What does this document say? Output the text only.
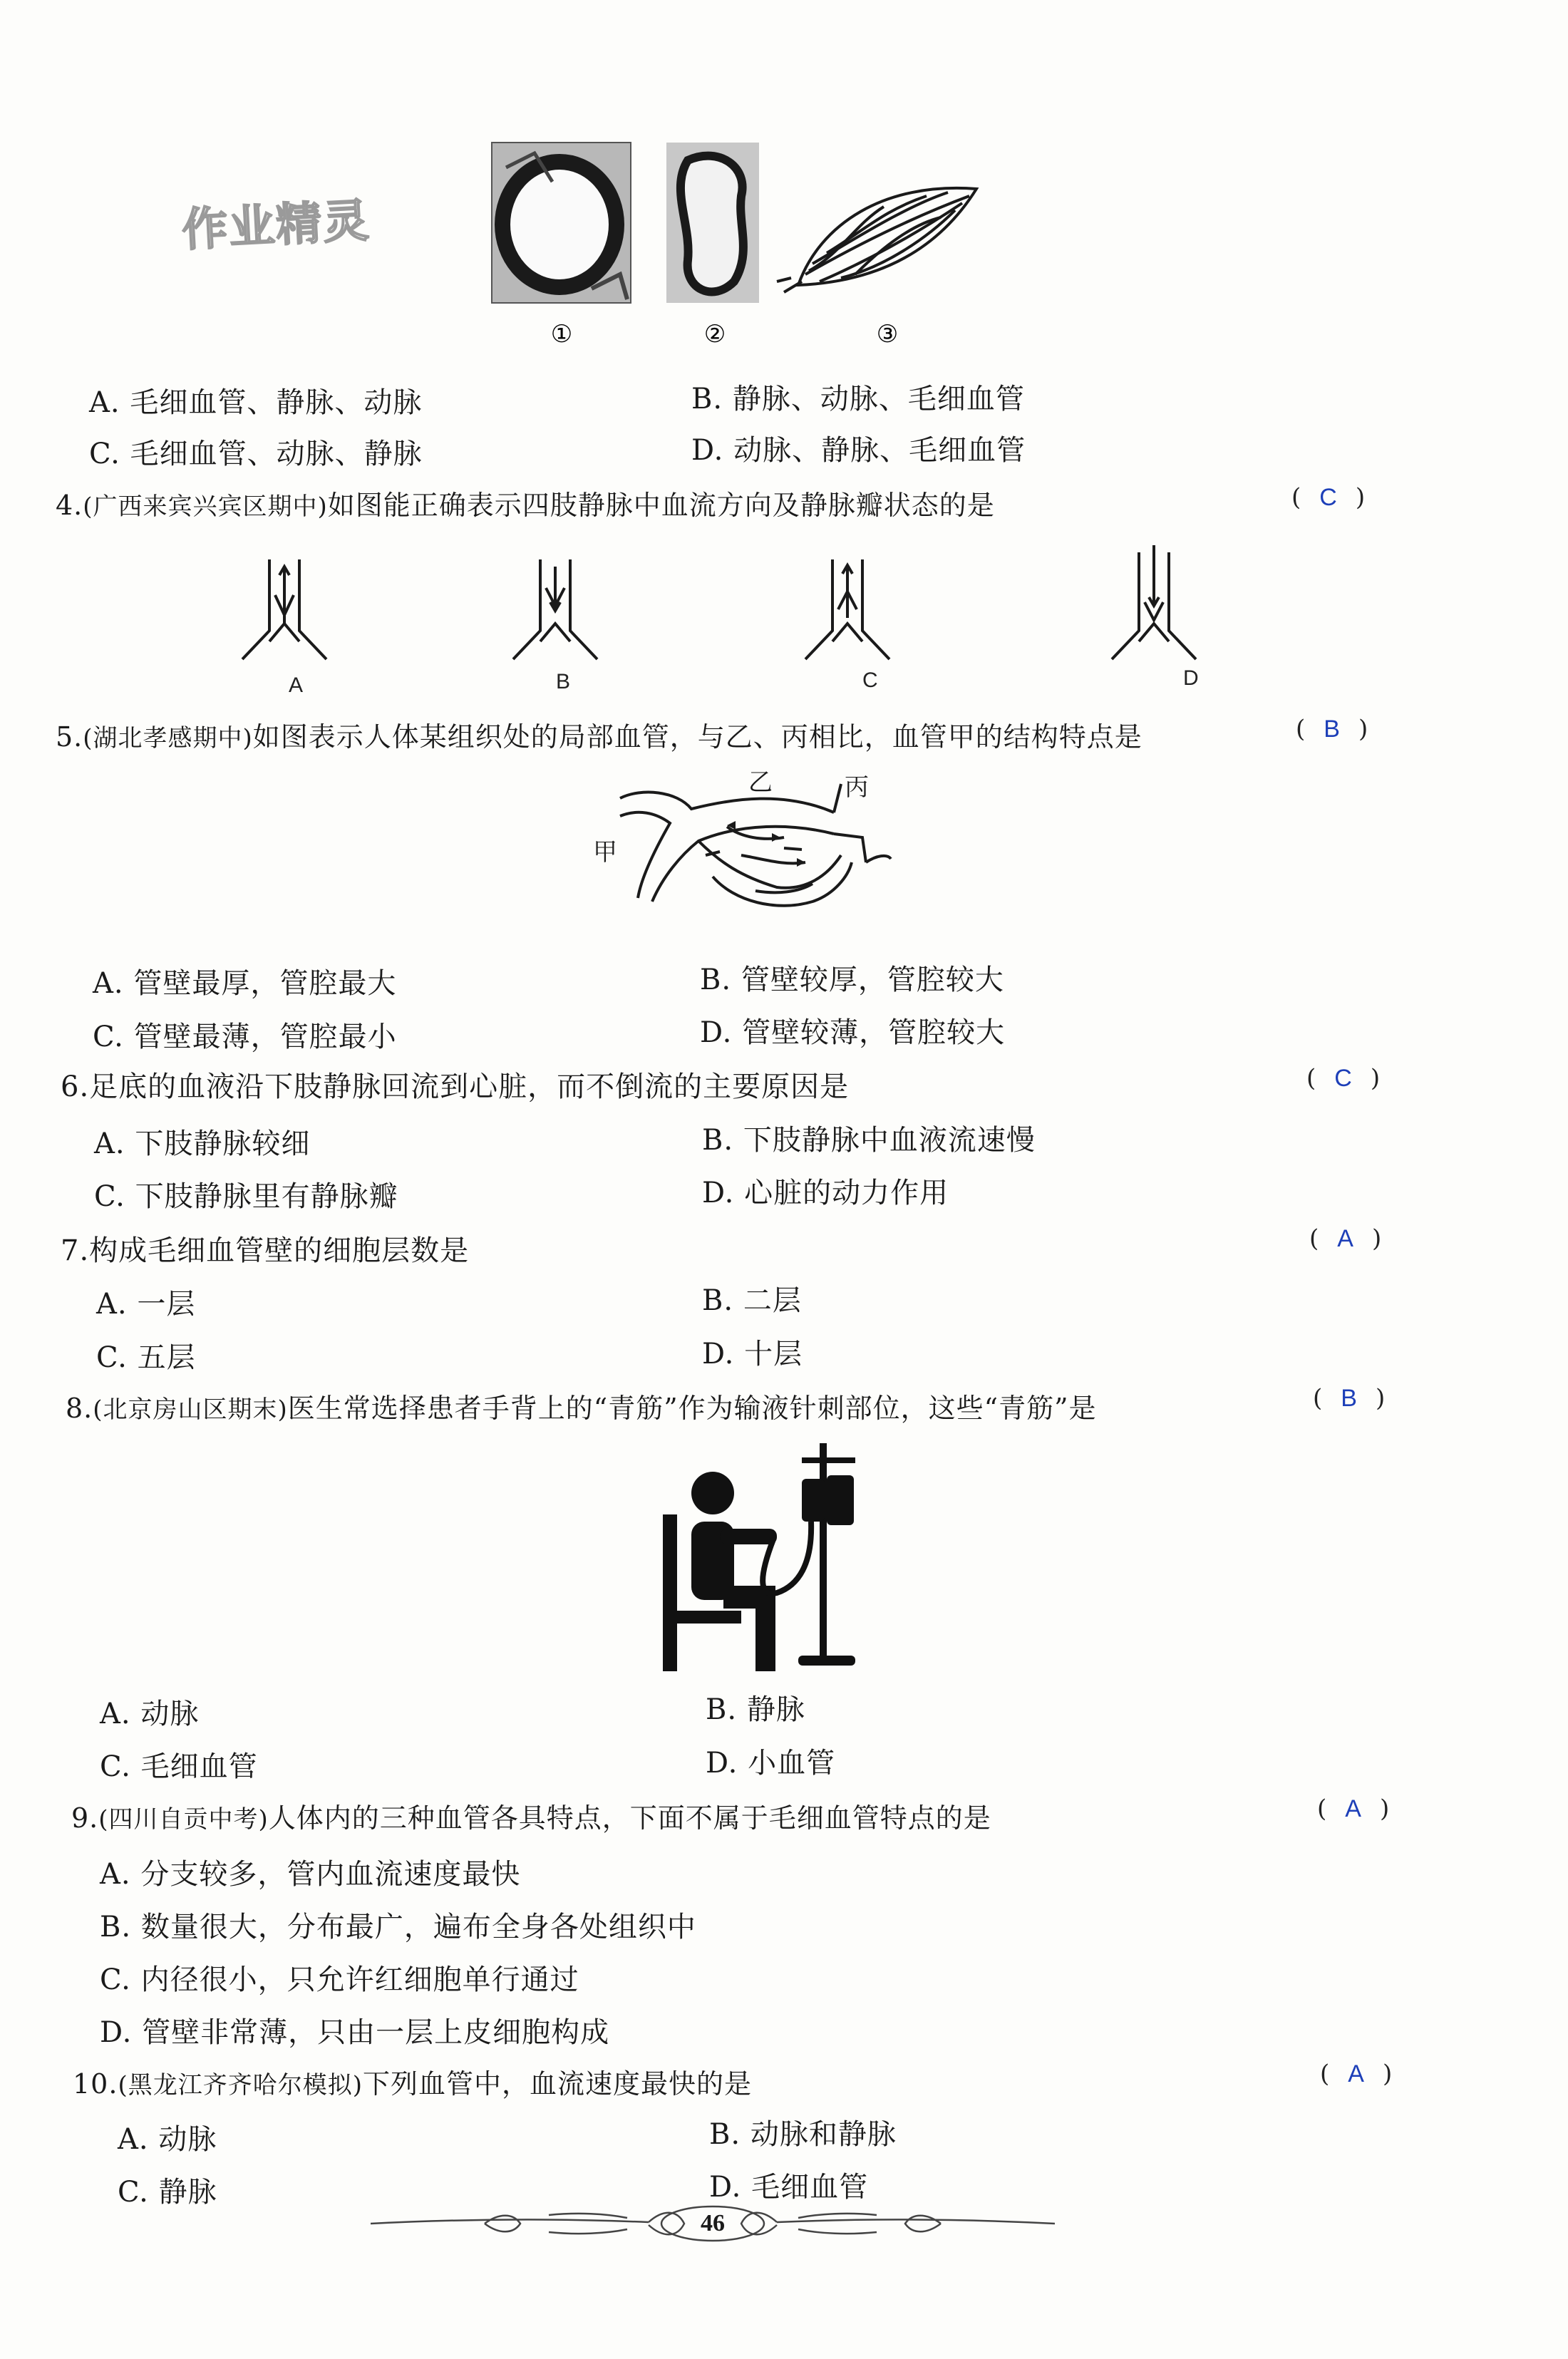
作业精灵
①	②	③
A. 毛细血管、静脉、动脉	B. 静脉、动脉、毛细血管
C. 毛细血管、动脉、静脉	D. 动脉、静脉、毛细血管
4.(广西来宾兴宾区期中)如图能正确表示四肢静脉中血流方向及静脉瓣状态的是	( C )
A	B	C	D
5.(湖北孝感期中)如图表示人体某组织处的局部血管，与乙、丙相比，血管甲的结构特点是	( B )
乙	丙
甲
A. 管壁最厚，管腔最大	B. 管壁较厚，管腔较大
C. 管壁最薄，管腔最小	D. 管壁较薄，管腔较大
6.足底的血液沿下肢静脉回流到心脏，而不倒流的主要原因是	( C )
A. 下肢静脉较细	B. 下肢静脉中血液流速慢
C. 下肢静脉里有静脉瓣	D. 心脏的动力作用
7.构成毛细血管壁的细胞层数是	( A )
A. 一层	B. 二层
C. 五层	D. 十层
8.(北京房山区期末)医生常选择患者手背上的“青筋”作为输液针刺部位，这些“青筋”是	( B )
A. 动脉	B. 静脉
C. 毛细血管	D. 小血管
9.(四川自贡中考)人体内的三种血管各具特点，下面不属于毛细血管特点的是	( A )
A. 分支较多，管内血流速度最快
B. 数量很大，分布最广，遍布全身各处组织中
C. 内径很小，只允许红细胞单行通过
D. 管壁非常薄，只由一层上皮细胞构成
10.(黑龙江齐齐哈尔模拟)下列血管中，血流速度最快的是	( A )
A. 动脉	B. 动脉和静脉
C. 静脉	D. 毛细血管
46
